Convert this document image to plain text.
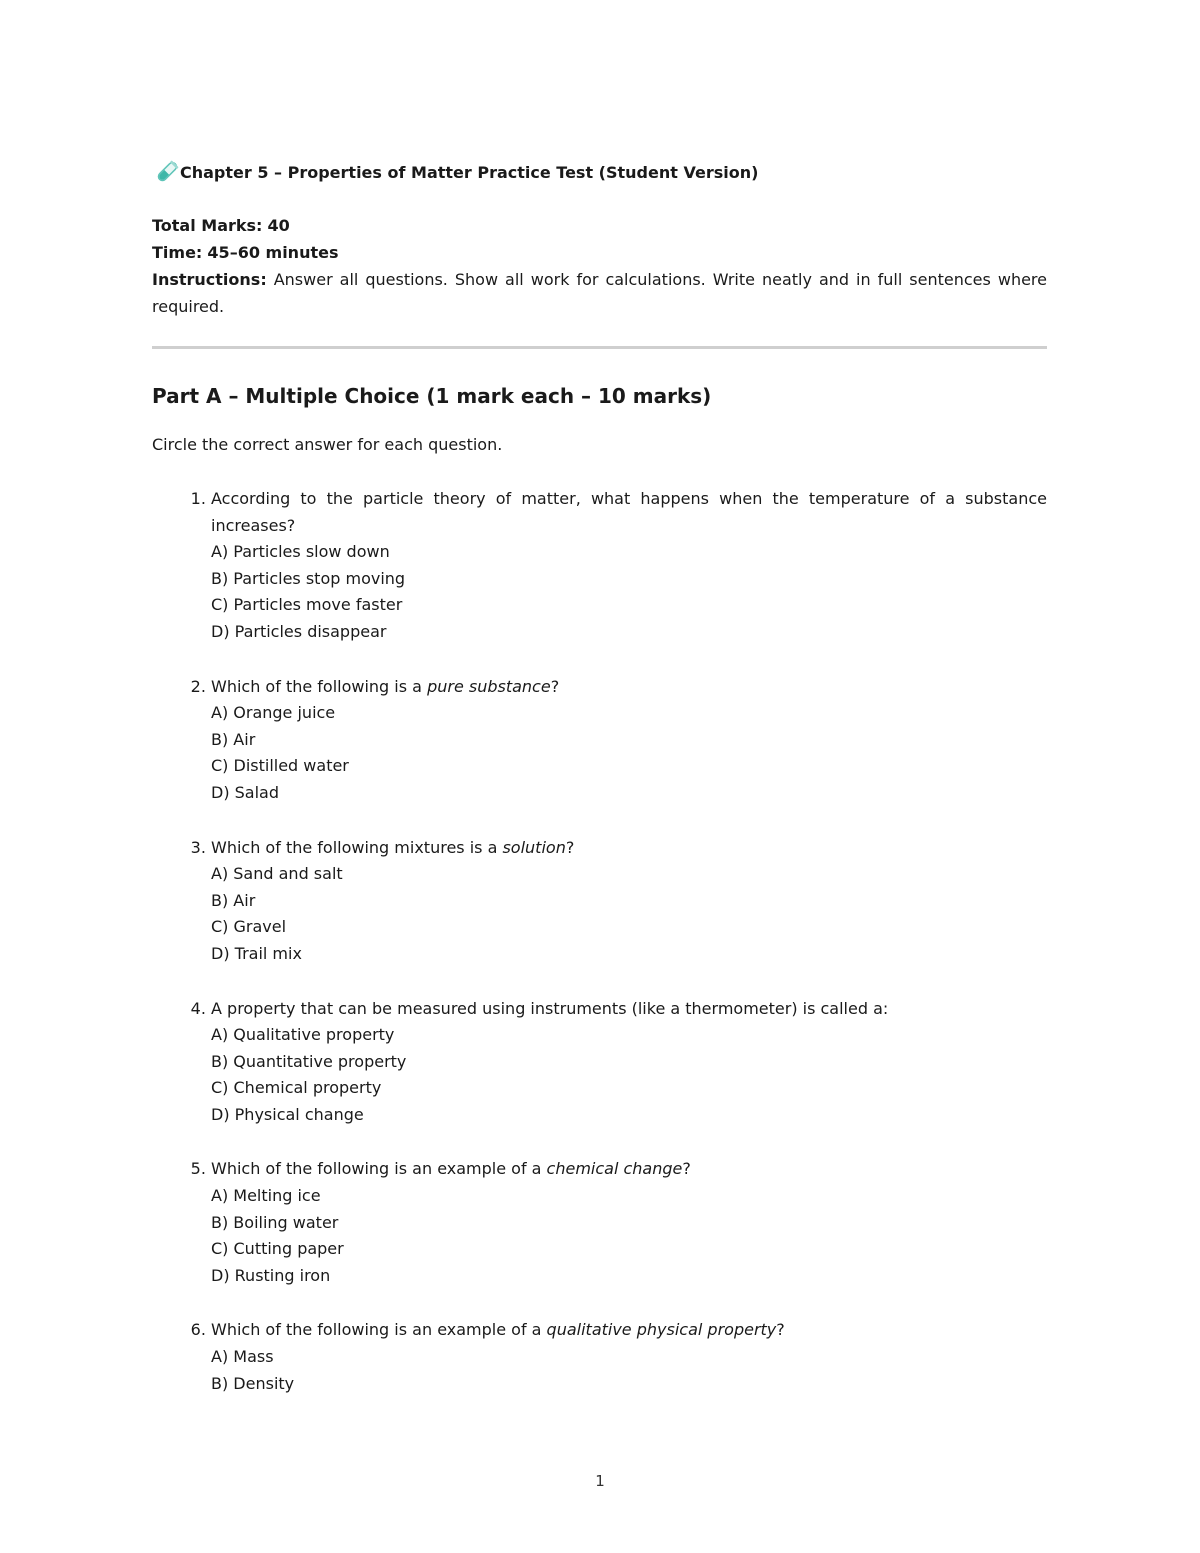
Chapter 5 – Properties of Matter Practice Test (Student Version)
Total Marks: 40
Time: 45–60 minutes
Instructions: Answer all questions. Show all work for calculations. Write neatly and in full sentences where required.
Part A – Multiple Choice (1 mark each – 10 marks)
Circle the correct answer for each question.
1. According to the particle theory of matter, what happens when the temperature of a substance increases?
A) Particles slow down
B) Particles stop moving
C) Particles move faster
D) Particles disappear
2. Which of the following is a pure substance?
A) Orange juice
B) Air
C) Distilled water
D) Salad
3. Which of the following mixtures is a solution?
A) Sand and salt
B) Air
C) Gravel
D) Trail mix
4. A property that can be measured using instruments (like a thermometer) is called a:
A) Qualitative property
B) Quantitative property
C) Chemical property
D) Physical change
5. Which of the following is an example of a chemical change?
A) Melting ice
B) Boiling water
C) Cutting paper
D) Rusting iron
6. Which of the following is an example of a qualitative physical property?
A) Mass
B) Density
1
